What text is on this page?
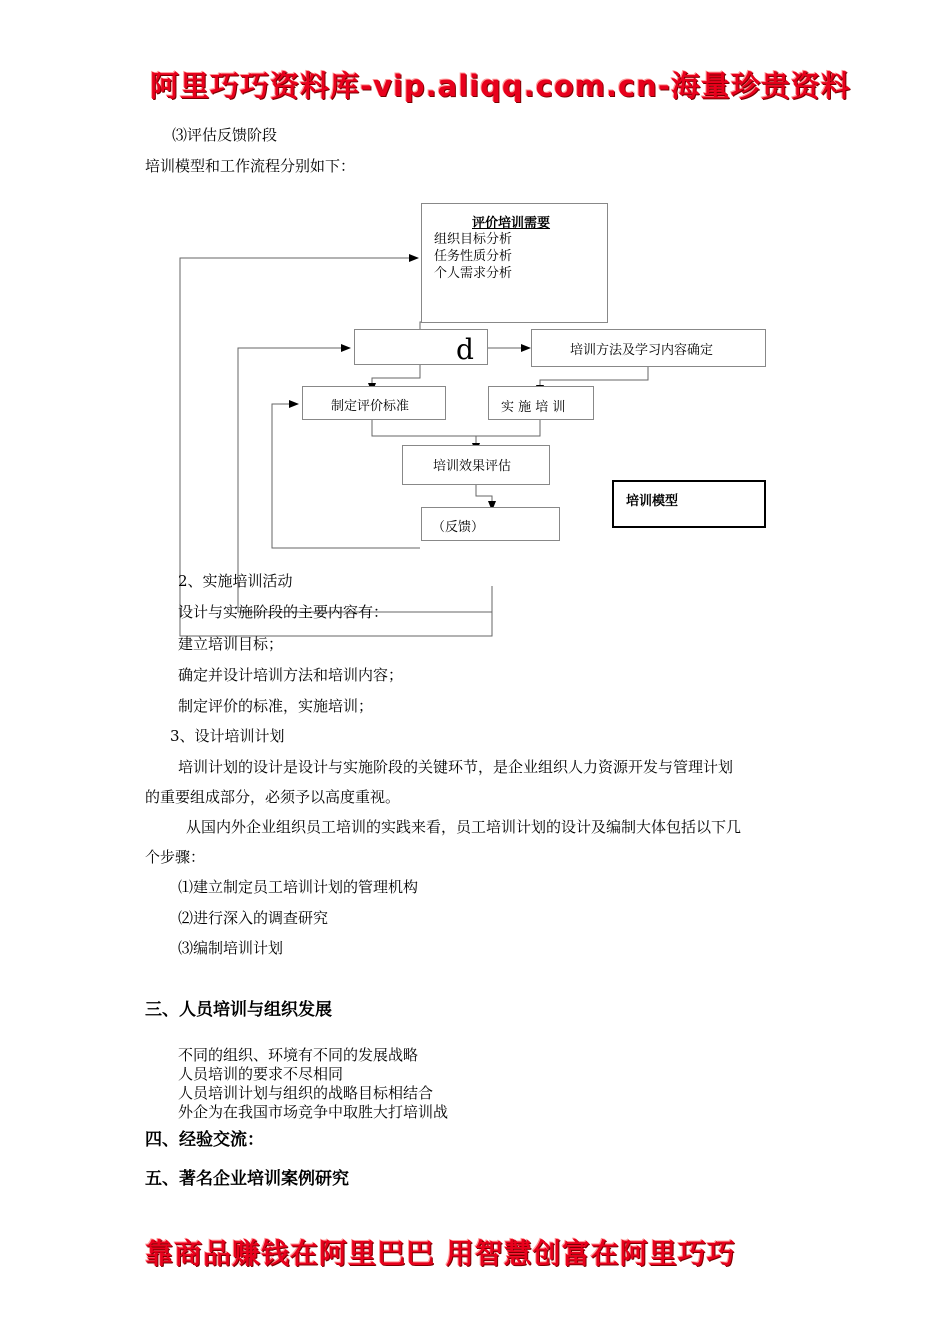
阿里巧巧资料库-vip.aliqq.com.cn-海量珍贵资料
⑶评估反馈阶段
培训模型和工作流程分别如下：
评价培训需要
组织目标分析
任务性质分析
个人需求分析
d	培训方法及学习内容确定
制定评价标准	实 施 培 训
培训效果评估
（反馈）
培训模型
2、实施培训活动
设计与实施阶段的主要内容有：
建立培训目标；
确定并设计培训方法和培训内容；
制定评价的标准，实施培训；
3、设计培训计划
培训计划的设计是设计与实施阶段的关键环节，是企业组织人力资源开发与管理计划
的重要组成部分，必须予以高度重视。
从国内外企业组织员工培训的实践来看，员工培训计划的设计及编制大体包括以下几
个步骤：
⑴建立制定员工培训计划的管理机构
⑵进行深入的调查研究
⑶编制培训计划
三、人员培训与组织发展
不同的组织、环境有不同的发展战略
人员培训的要求不尽相同
人员培训计划与组织的战略目标相结合
外企为在我国市场竞争中取胜大打培训战
四、经验交流：
五、著名企业培训案例研究
靠商品赚钱在阿里巴巴 用智慧创富在阿里巧巧
